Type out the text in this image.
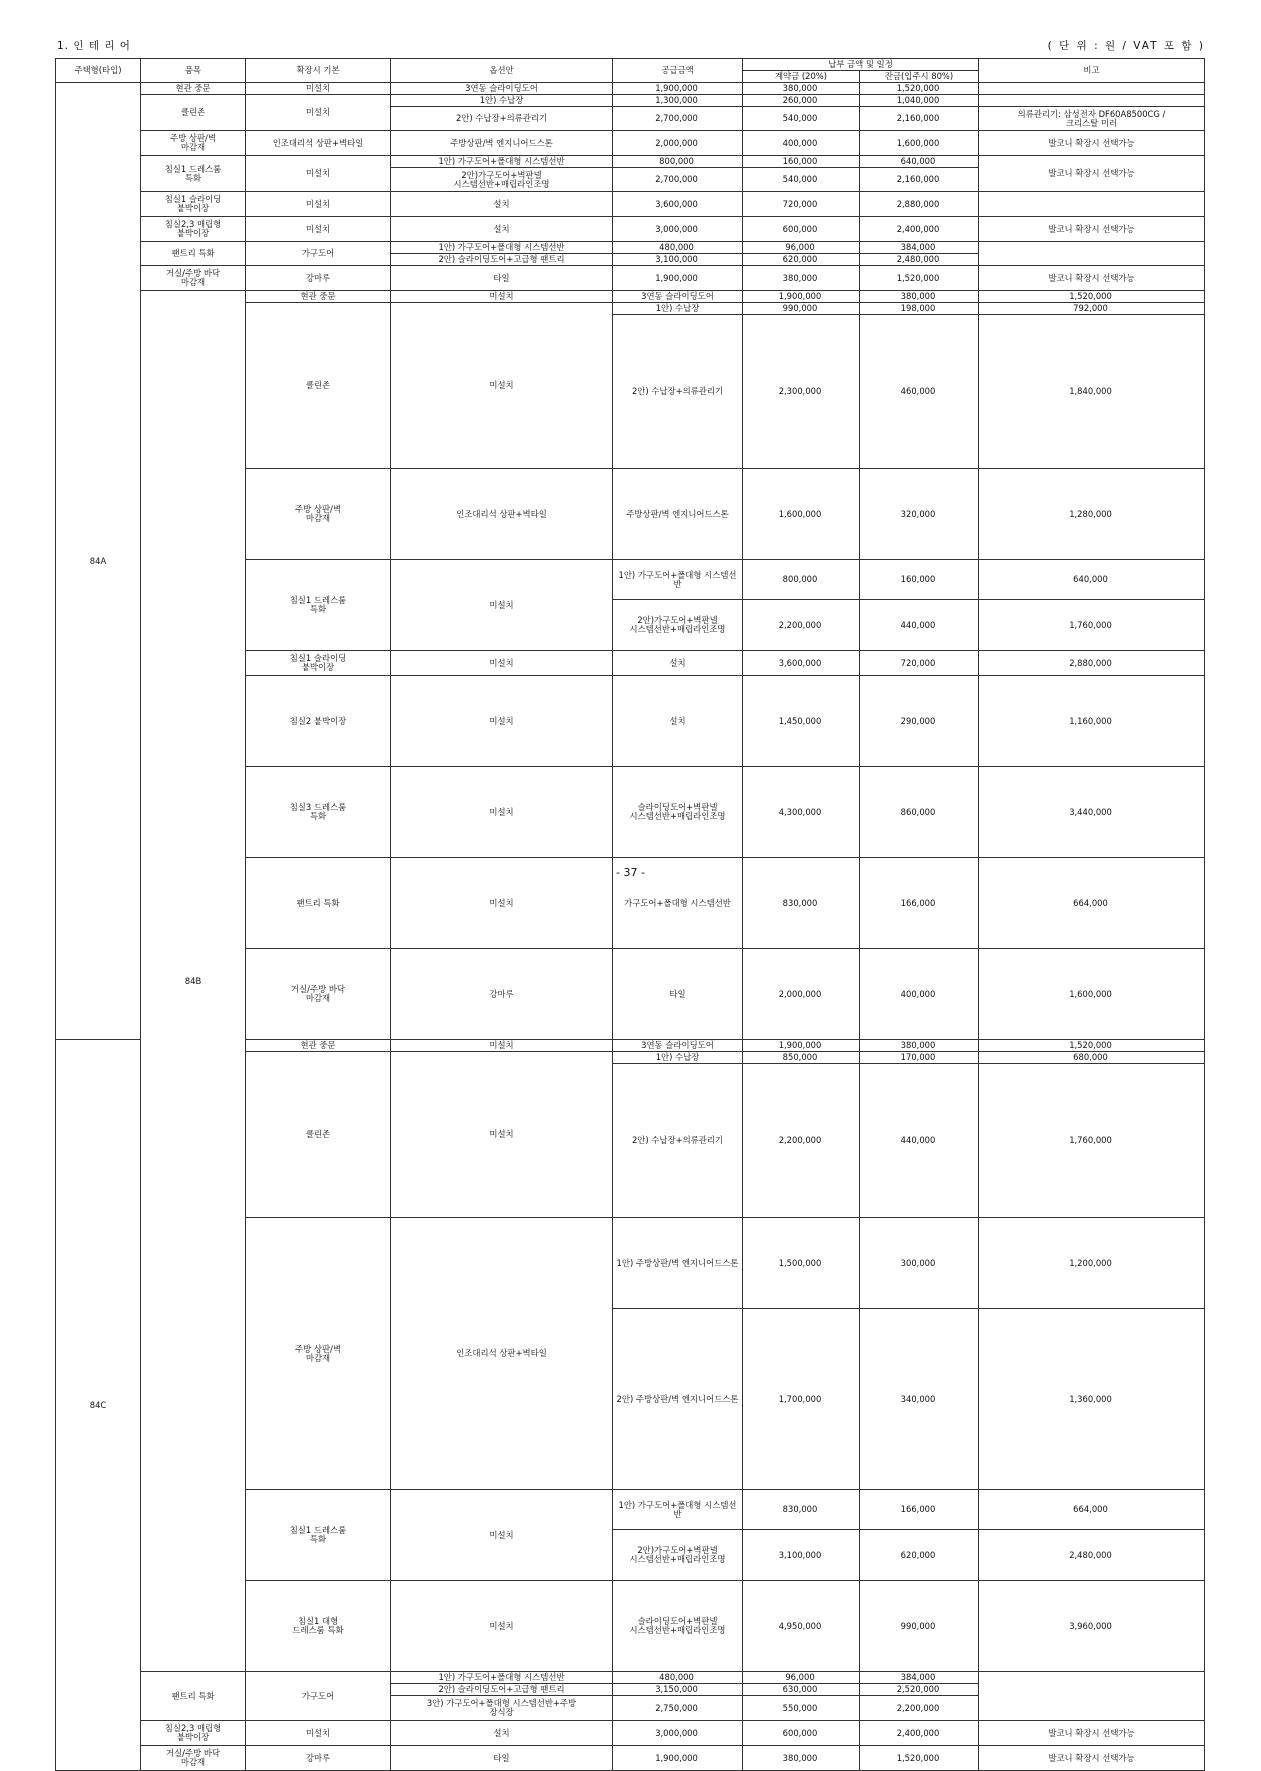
1. 인 테 리 어	( 단 위 : 원 / VAT 포 함 )
주택형(타입)	품목	확장시 기본	옵션안	공급금액	납부 금액 및 일정		비고	
					계약금 (20%)	잔금(입주시 80%)		
84A	현관 중문	미설치	3연동 슬라이딩도어	1,900,000	380,000	1,520,000		
	클린존	미설치	1안) 수납장	1,300,000	260,000	1,040,000		
			2안) 수납장+의류관리기	2,700,000	540,000	2,160,000	의류관리기: 삼성전자 DF60A8500CG /
크리스탈 미러	
	주방 상판/벽
마감재	인조대리석 상판+벽타일	주방상판/벽 엔지니어드스톤	2,000,000	400,000	1,600,000	발코니 확장시 선택가능	
	침실1 드레스룸
특화	미설치	1안) 가구도어+폴대형 시스템선반	800,000	160,000	640,000	발코니 확장시 선택가능	
			2안)가구도어+벽판넬
시스템선반+매립라인조명	2,700,000	540,000	2,160,000		
	침실1 슬라이딩
붙박이장	미설치	설치	3,600,000	720,000	2,880,000		
	침실2,3 매립형
붙박이장	미설치	설치	3,000,000	600,000	2,400,000	발코니 확장시 선택가능	
	팬트리 특화	가구도어	1안) 가구도어+폴대형 시스템선반	480,000	96,000	384,000		
			2안) 슬라이딩도어+고급형 팬트리	3,100,000	620,000	2,480,000		
	거실/주방 바닥
마감재	강마루	타일	1,900,000	380,000	1,520,000	발코니 확장시 선택가능	
	84B	현관 중문	미설치	3연동 슬라이딩도어	1,900,000	380,000	1,520,000	
		클린존	미설치	1안) 수납장	990,000	198,000	792,000	
				2안) 수납장+의류관리기	2,300,000	460,000	1,840,000	
		주방 상판/벽
마감재	인조대리석 상판+벽타일	주방상판/벽 엔지니어드스톤	1,600,000	320,000	1,280,000	
		침실1 드레스룸
특화	미설치	1안) 가구도어+폴대형 시스템선반	800,000	160,000	640,000	
				2안)가구도어+벽판넬
시스템선반+매립라인조명	2,200,000	440,000	1,760,000	
		침실1 슬라이딩
붙박이장	미설치	설치	3,600,000	720,000	2,880,000	
		침실2 붙박이장	미설치	설치	1,450,000	290,000	1,160,000	
		침실3 드레스룸
특화	미설치	슬라이딩도어+벽판넬
시스템선반+매립라인조명	4,300,000	860,000	3,440,000	
		팬트리 특화	미설치	가구도어+폴대형 시스템선반	830,000	166,000	664,000	
		거실/주방 바닥
마감재	강마루	타일	2,000,000	400,000	1,600,000	
84C		현관 중문	미설치	3연동 슬라이딩도어	1,900,000	380,000	1,520,000	
		클린존	미설치	1안) 수납장	850,000	170,000	680,000	
				2안) 수납장+의류관리기	2,200,000	440,000	1,760,000	
		주방 상판/벽
마감재	인조대리석 상판+벽타일	1안) 주방상판/벽 엔지니어드스톤	1,500,000	300,000	1,200,000	
				2안) 주방상판/벽 엔지니어드스톤	1,700,000	340,000	1,360,000	
		침실1 드레스룸
특화	미설치	1안) 가구도어+폴대형 시스템선반	830,000	166,000	664,000	
				2안)가구도어+벽판넬
시스템선반+매립라인조명	3,100,000	620,000	2,480,000	
		침실1 대형
드레스룸 특화	미설치	슬라이딩도어+벽판넬
시스템선반+매립라인조명	4,950,000	990,000	3,960,000	
	팬트리 특화	가구도어	1안) 가구도어+폴대형 시스템선반	480,000	96,000	384,000		
			2안) 슬라이딩도어+고급형 팬트리	3,150,000	630,000	2,520,000		
			3안) 가구도어+폴대형 시스템선반+주방
장식장	2,750,000	550,000	2,200,000		
	침실2,3 매립형
붙박이장	미설치	설치	3,000,000	600,000	2,400,000	발코니 확장시 선택가능	
	거실/주방 바닥
마감재	강마루	타일	1,900,000	380,000	1,520,000	발코니 확장시 선택가능	
- 37 -
